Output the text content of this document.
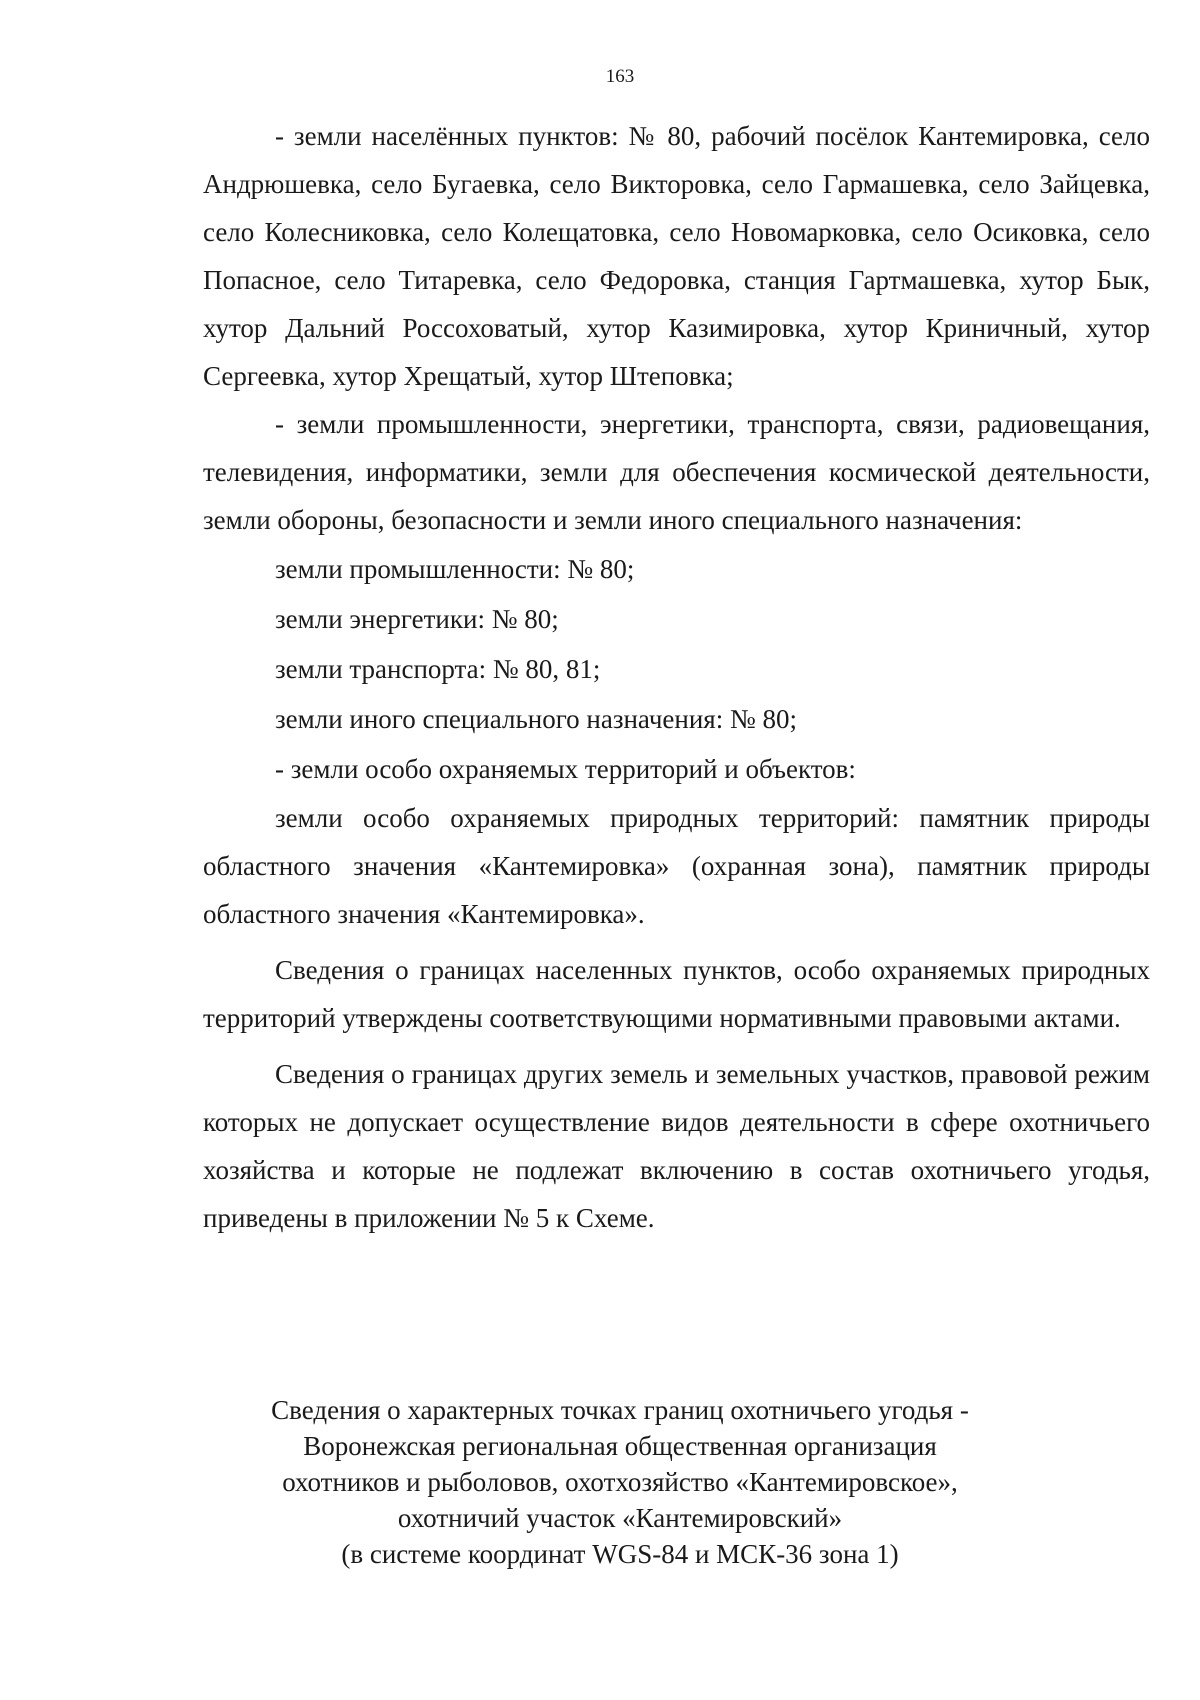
163

- земли населённых пунктов: № 80, рабочий посёлок Кантемировка, село Андрюшевка, село Бугаевка, село Викторовка, село Гармашевка, село Зайцевка, село Колесниковка, село Колещатовка, село Новомарковка, село Осиковка, село Попасное, село Титаревка, село Федоровка, станция Гартмашевка, хутор Бык, хутор Дальний Россоховатый, хутор Казимировка, хутор Криничный, хутор Сергеевка, хутор Хрещатый, хутор Штеповка;

- земли промышленности, энергетики, транспорта, связи, радиовещания, телевидения, информатики, земли для обеспечения космической деятельности, земли обороны, безопасности и земли иного специального назначения:

земли промышленности: № 80;

земли энергетики: № 80;

земли транспорта: № 80, 81;

земли иного специального назначения: № 80;

- земли особо охраняемых территорий и объектов:

земли особо охраняемых природных территорий: памятник природы областного значения «Кантемировка» (охранная зона), памятник природы областного значения «Кантемировка».

Сведения о границах населенных пунктов, особо охраняемых природных территорий утверждены соответствующими нормативными правовыми актами.

Сведения о границах других земель и земельных участков, правовой режим которых не допускает осуществление видов деятельности в сфере охотничьего хозяйства и которые не подлежат включению в состав охотничьего угодья, приведены в приложении № 5 к Схеме.

Сведения о характерных точках границ охотничьего угодья -
Воронежская региональная общественная организация
охотников и рыболовов, охотхозяйство «Кантемировское»,
охотничий участок «Кантемировский»
(в системе координат WGS-84 и МСК-36 зона 1)
